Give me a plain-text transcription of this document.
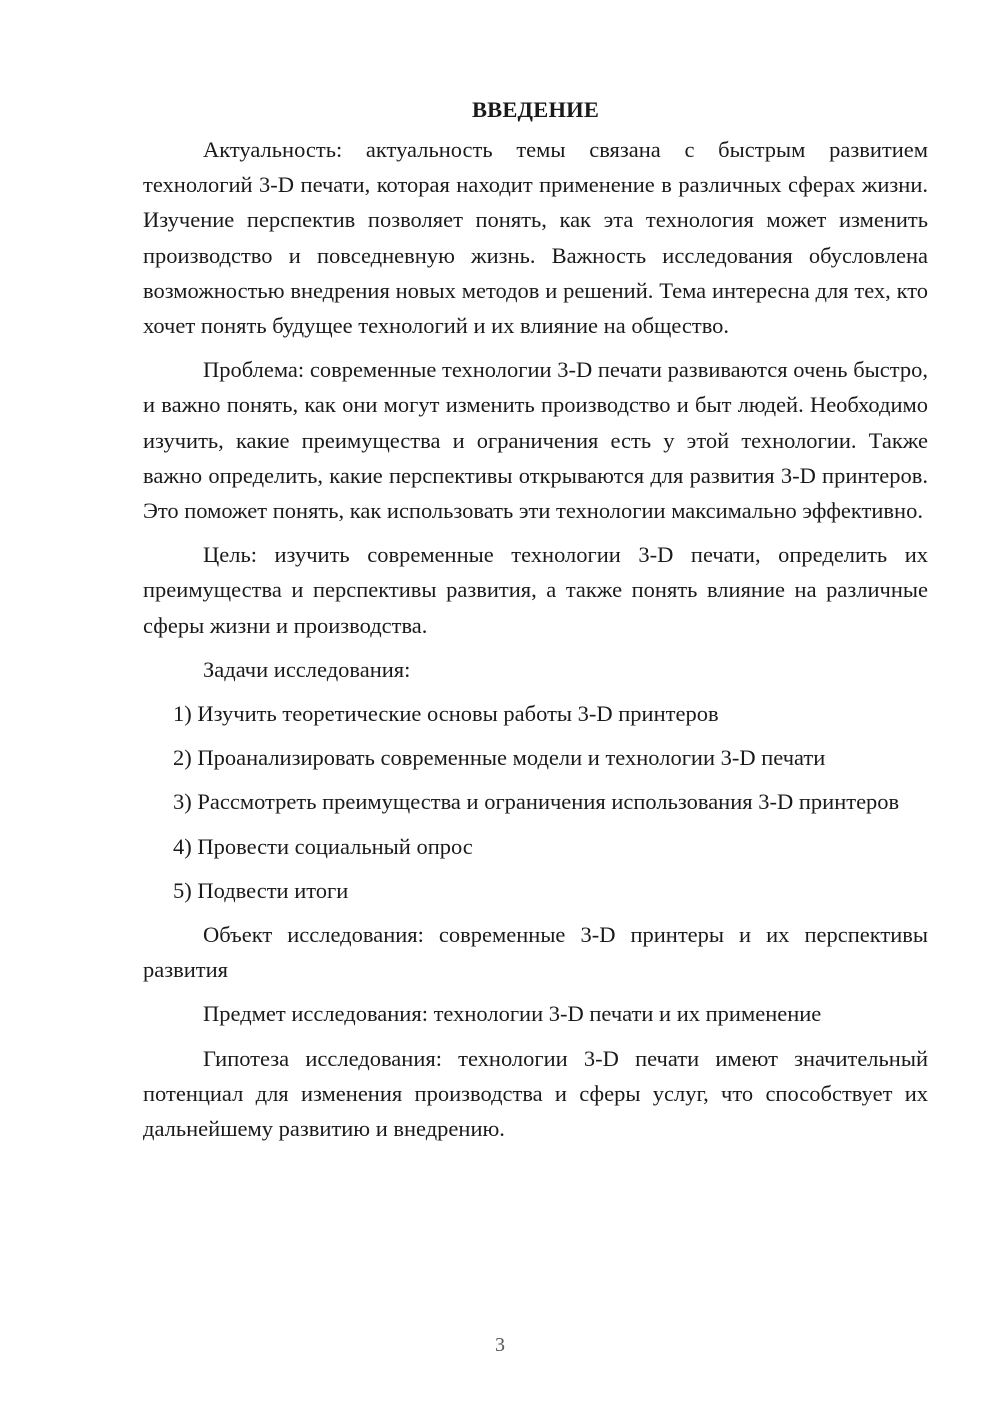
ВВЕДЕНИЕ

Актуальность: актуальность темы связана с быстрым развитием технологий 3-D печати, которая находит применение в различных сферах жизни. Изучение перспектив позволяет понять, как эта технология может изменить производство и повседневную жизнь. Важность исследования обусловлена возможностью внедрения новых методов и решений. Тема интересна для тех, кто хочет понять будущее технологий и их влияние на общество.

Проблема: современные технологии 3-D печати развиваются очень быстро, и важно понять, как они могут изменить производство и быт людей. Необходимо изучить, какие преимущества и ограничения есть у этой технологии. Также важно определить, какие перспективы открываются для развития 3-D принтеров. Это поможет понять, как использовать эти технологии максимально эффективно.

Цель: изучить современные технологии 3-D печати, определить их преимущества и перспективы развития, а также понять влияние на различные сферы жизни и производства.

Задачи исследования:

1) Изучить теоретические основы работы 3-D принтеров

2) Проанализировать современные модели и технологии 3-D печати

3) Рассмотреть преимущества и ограничения использования 3-D принтеров

4) Провести социальный опрос

5) Подвести итоги

Объект исследования: современные 3-D принтеры и их перспективы развития

Предмет исследования: технологии 3-D печати и их применение

Гипотеза исследования: технологии 3-D печати имеют значительный потенциал для изменения производства и сферы услуг, что способствует их дальнейшему развитию и внедрению.

3
